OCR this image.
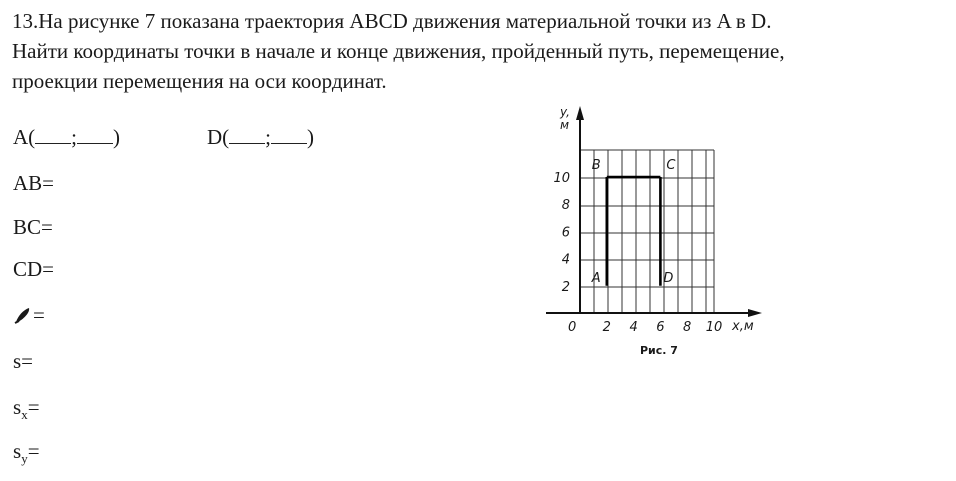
13.На рисунке 7 показана траектория ABCD движения материальной точки из A в D.
Найти координаты точки в начале и конце движения, пройденный путь, перемещение,
проекции перемещения на оси координат.
A( ; )	D( ; )
AB=
BC=
CD=
=
s=
$s_x=$
$s_y=$
y,
м
x,м
0 2 4 6 8 10
2
4
6
8
10
A
B	C
D
Рис. 7
